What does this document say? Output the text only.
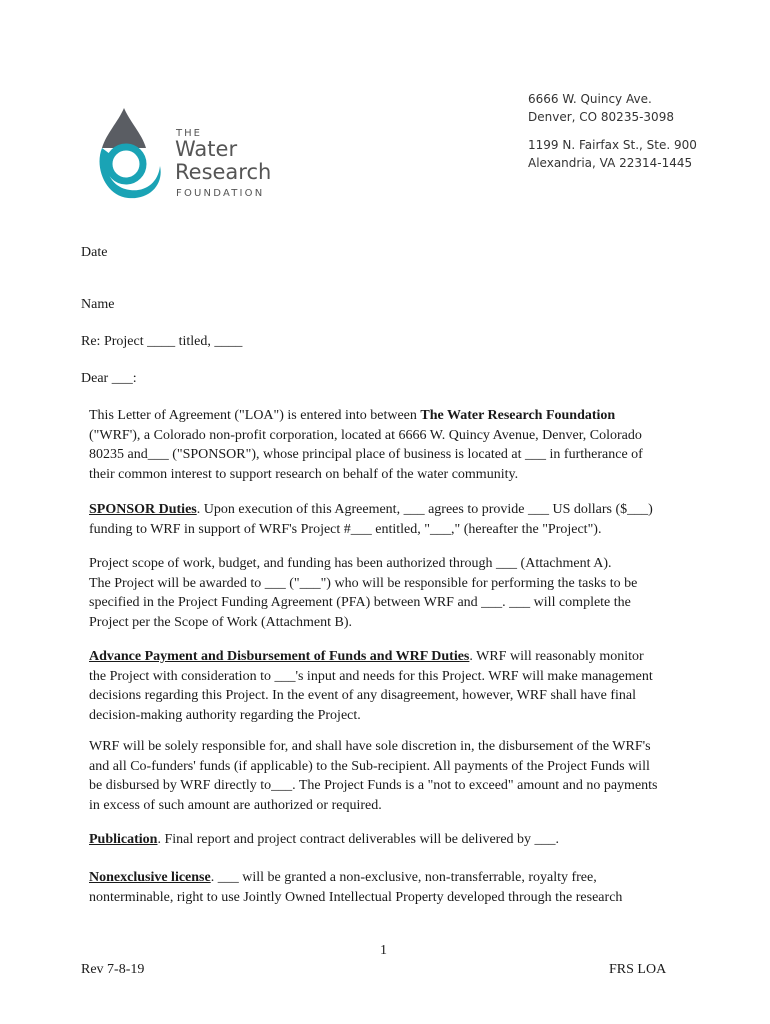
THE
Water
Research
FOUNDATION
6666 W. Quincy Ave.
Denver, CO 80235-3098
1199 N. Fairfax St., Ste. 900
Alexandria, VA 22314-1445
Date
Name
Re: Project ____ titled, ____
Dear ___:

This Letter of Agreement ("LOA") is entered into between The Water Research Foundation

("WRF'), a Colorado non-profit corporation, located at 6666 W. Quincy Avenue, Denver, Colorado

80235 and___ ("SPONSOR"), whose principal place of business is located at ___ in furtherance of

their common interest to support research on behalf of the water community.

SPONSOR Duties. Upon execution of this Agreement, ___ agrees to provide ___ US dollars ($___)

funding to WRF in support of WRF's Project #___ entitled, "___," (hereafter the "Project").

Project scope of work, budget, and funding has been authorized through ___ (Attachment A).

The Project will be awarded to ___ ("___") who will be responsible for performing the tasks to be

specified in the Project Funding Agreement (PFA) between WRF and ___. ___ will complete the

Project per the Scope of Work (Attachment B).

Advance Payment and Disbursement of Funds and WRF Duties. WRF will reasonably monitor

the Project with consideration to ___'s input and needs for this Project. WRF will make management

decisions regarding this Project. In the event of any disagreement, however, WRF shall have final

decision-making authority regarding the Project.

WRF will be solely responsible for, and shall have sole discretion in, the disbursement of the WRF's

and all Co-funders' funds (if applicable) to the Sub-recipient. All payments of the Project Funds will

be disbursed by WRF directly to___. The Project Funds is a "not to exceed" amount and no payments

in excess of such amount are authorized or required.

Publication. Final report and project contract deliverables will be delivered by ___.

Nonexclusive license. ___ will be granted a non-exclusive, non-transferrable, royalty free,

nonterminable, right to use Jointly Owned Intellectual Property developed through the research

1
Rev 7-8-19	FRS LOA
